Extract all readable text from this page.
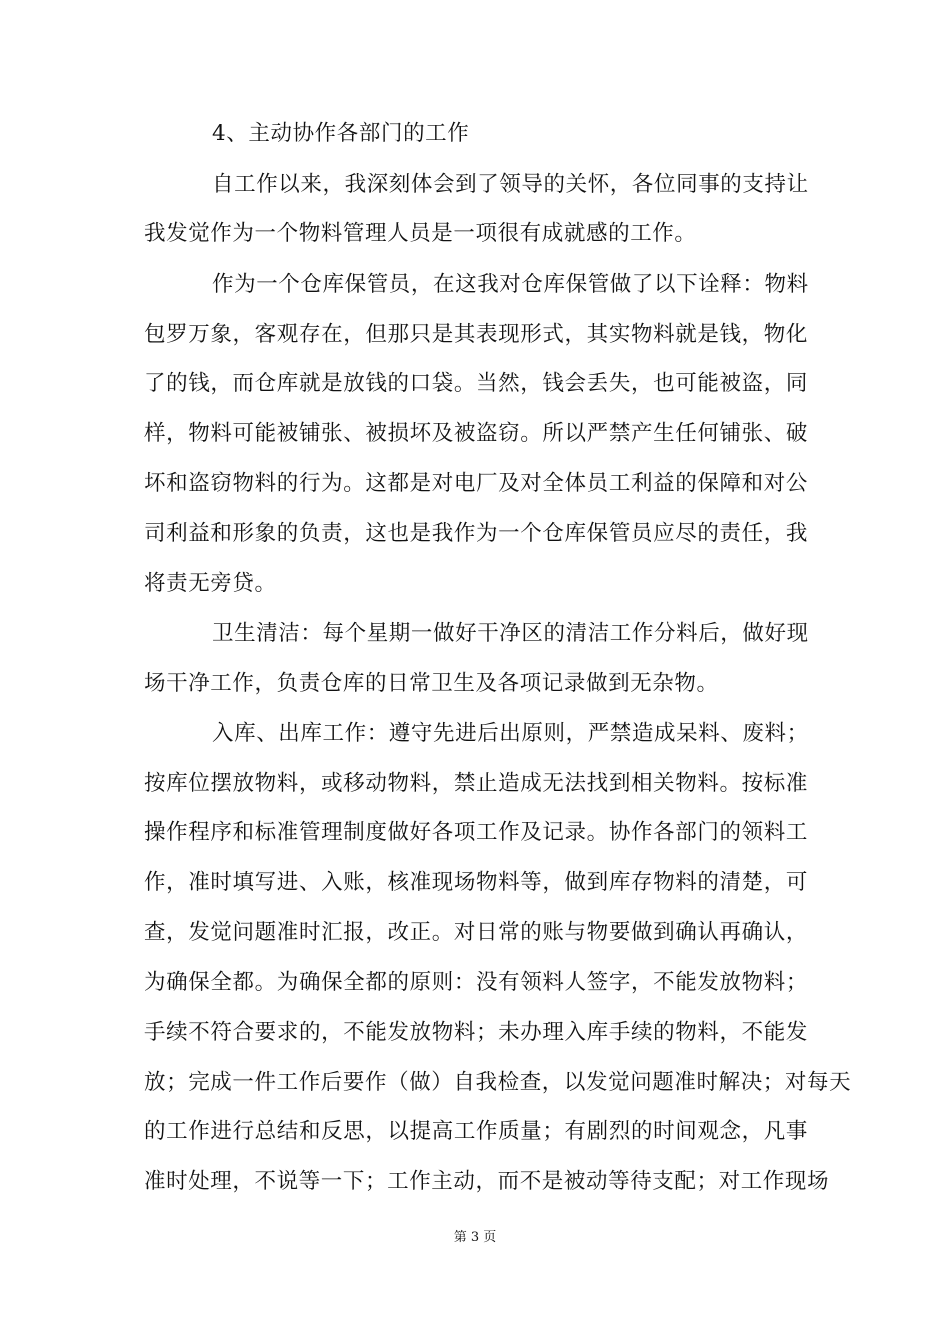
4、主动协作各部门的工作
自工作以来，我深刻体会到了领导的关怀，各位同事的支持让
我发觉作为一个物料管理人员是一项很有成就感的工作。
作为一个仓库保管员，在这我对仓库保管做了以下诠释：物料
包罗万象，客观存在，但那只是其表现形式，其实物料就是钱，物化
了的钱，而仓库就是放钱的口袋。当然，钱会丢失，也可能被盗，同
样，物料可能被铺张、被损坏及被盗窃。所以严禁产生任何铺张、破
坏和盗窃物料的行为。这都是对电厂及对全体员工利益的保障和对公
司利益和形象的负责，这也是我作为一个仓库保管员应尽的责任，我
将责无旁贷。
卫生清洁：每个星期一做好干净区的清洁工作分料后，做好现
场干净工作，负责仓库的日常卫生及各项记录做到无杂物。
入库、出库工作：遵守先进后出原则，严禁造成呆料、废料；
按库位摆放物料，或移动物料，禁止造成无法找到相关物料。按标准
操作程序和标准管理制度做好各项工作及记录。协作各部门的领料工
作，准时填写进、入账，核准现场物料等，做到库存物料的清楚，可
查，发觉问题准时汇报，改正。对日常的账与物要做到确认再确认，
为确保全都。为确保全都的原则：没有领料人签字，不能发放物料；
手续不符合要求的，不能发放物料；未办理入库手续的物料，不能发
放；完成一件工作后要作（做）自我检查，以发觉问题准时解决；对每天
的工作进行总结和反思，以提高工作质量；有剧烈的时间观念，凡事
准时处理，不说等一下；工作主动，而不是被动等待支配；对工作现场
第 3 页
